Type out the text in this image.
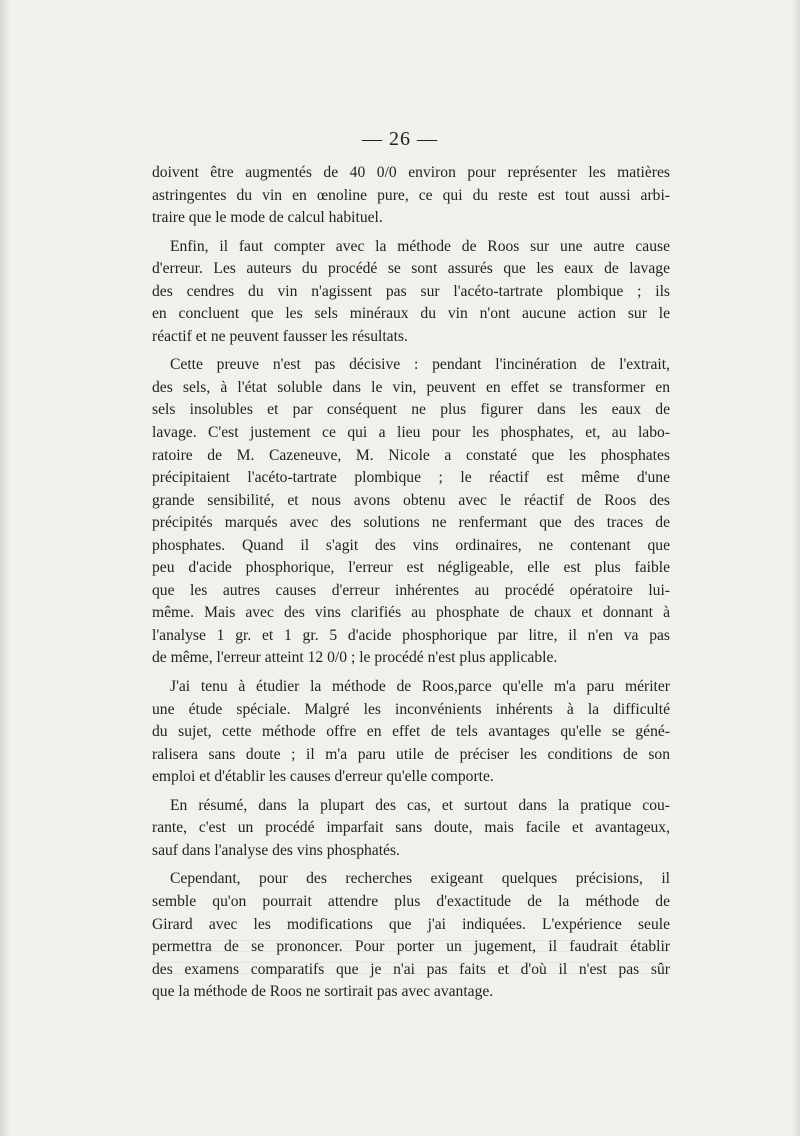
— 26 —

doivent être augmentés de 40 0/0 environ pour représenter les matières
astringentes du vin en œnoline pure, ce qui du reste est tout aussi arbi-
traire que le mode de calcul habituel.

Enfin, il faut compter avec la méthode de Roos sur une autre cause
d'erreur. Les auteurs du procédé se sont assurés que les eaux de lavage
des cendres du vin n'agissent pas sur l'acéto-tartrate plombique ; ils
en concluent que les sels minéraux du vin n'ont aucune action sur le
réactif et ne peuvent fausser les résultats.

Cette preuve n'est pas décisive : pendant l'incinération de l'extrait,
des sels, à l'état soluble dans le vin, peuvent en effet se transformer en
sels insolubles et par conséquent ne plus figurer dans les eaux de
lavage. C'est justement ce qui a lieu pour les phosphates, et, au labo-
ratoire de M. Cazeneuve, M. Nicole a constaté que les phosphates
précipitaient l'acéto-tartrate plombique ; le réactif est même d'une
grande sensibilité, et nous avons obtenu avec le réactif de Roos des
précipités marqués avec des solutions ne renfermant que des traces de
phosphates. Quand il s'agit des vins ordinaires, ne contenant que
peu d'acide phosphorique, l'erreur est négligeable, elle est plus faible
que les autres causes d'erreur inhérentes au procédé opératoire lui-
même. Mais avec des vins clarifiés au phosphate de chaux et donnant à
l'analyse 1 gr. et 1 gr. 5 d'acide phosphorique par litre, il n'en va pas
de même, l'erreur atteint 12 0/0 ; le procédé n'est plus applicable.

J'ai tenu à étudier la méthode de Roos,parce qu'elle m'a paru mériter
une étude spéciale. Malgré les inconvénients inhérents à la difficulté
du sujet, cette méthode offre en effet de tels avantages qu'elle se géné-
ralisera sans doute ; il m'a paru utile de préciser les conditions de son
emploi et d'établir les causes d'erreur qu'elle comporte.

En résumé, dans la plupart des cas, et surtout dans la pratique cou-
rante, c'est un procédé imparfait sans doute, mais facile et avantageux,
sauf dans l'analyse des vins phosphatés.

Cependant, pour des recherches exigeant quelques précisions, il
semble qu'on pourrait attendre plus d'exactitude de la méthode de
Girard avec les modifications que j'ai indiquées. L'expérience seule
permettra de se prononcer. Pour porter un jugement, il faudrait établir
des examens comparatifs que je n'ai pas faits et d'où il n'est pas sûr
que la méthode de Roos ne sortirait pas avec avantage.
